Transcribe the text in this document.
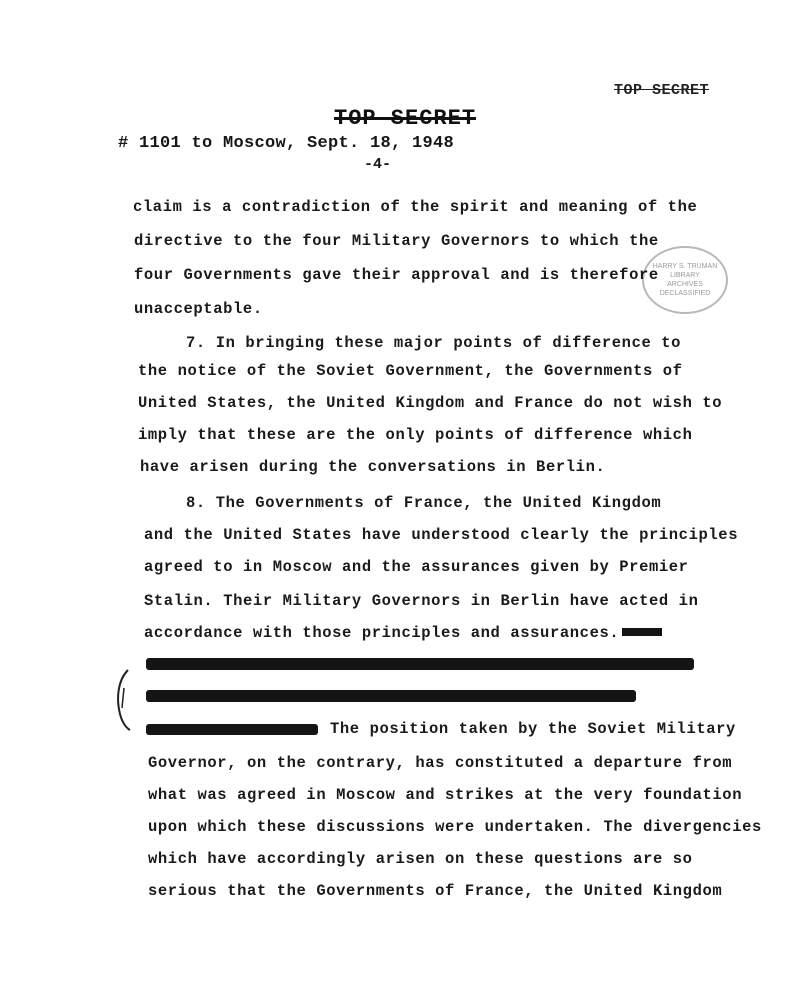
TOP SECRET
TOP SECRET
# 1101 to Moscow, Sept. 18, 1948
-4-
HARRY S. TRUMAN
LIBRARY
ARCHIVES
DECLASSIFIED
claim is a contradiction of the spirit and meaning of the
directive to the four Military Governors to which the
four Governments gave their approval and is therefore
unacceptable.
7. In bringing these major points of difference to
the notice of the Soviet Government, the Governments of
United States, the United Kingdom and France do not wish to
imply that these are the only points of difference which
have arisen during the conversations in Berlin.
8. The Governments of France, the United Kingdom
and the United States have understood clearly the principles
agreed to in Moscow and the assurances given by Premier
Stalin. Their Military Governors in Berlin have acted in
accordance with those principles and assurances.
The position taken by the Soviet Military
Governor, on the contrary, has constituted a departure from
what was agreed in Moscow and strikes at the very foundation
upon which these discussions were undertaken. The divergencies
which have accordingly arisen on these questions are so
serious that the Governments of France, the United Kingdom
